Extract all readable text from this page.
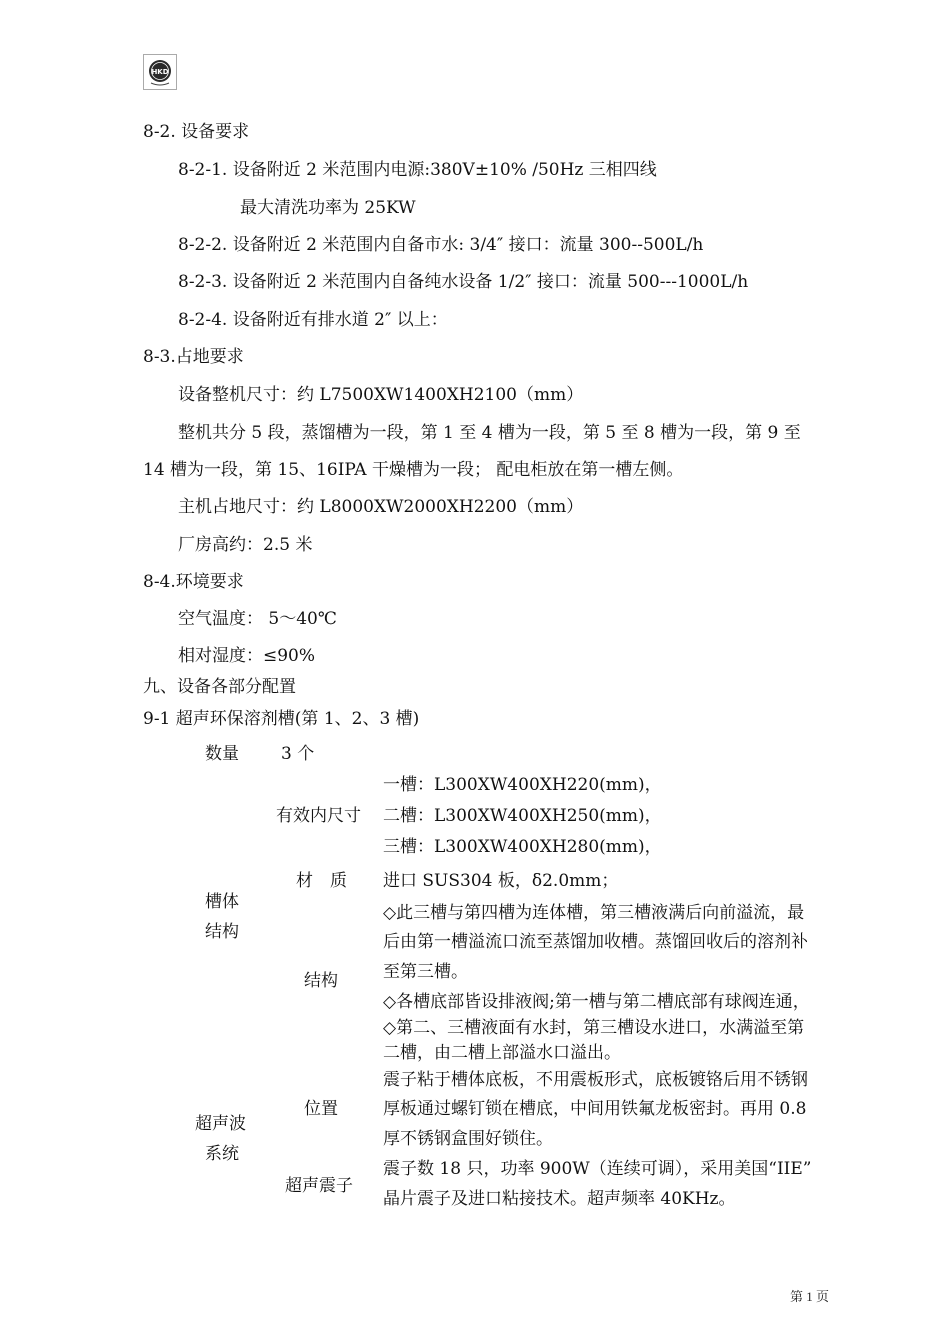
HKD
8-2. 设备要求
8-2-1. 设备附近 2 米范围内电源:380V±10% /50Hz 三相四线
最大清洗功率为 25KW
8-2-2. 设备附近 2 米范围内自备市水: 3/4″ 接口：流量 300--500L/h
8-2-3. 设备附近 2 米范围内自备纯水设备 1/2″ 接口：流量 500---1000L/h
8-2-4. 设备附近有排水道 2″ 以上：
8-3.占地要求
设备整机尺寸：约 L7500XW1400XH2100（mm）
整机共分 5 段，蒸馏槽为一段，第 1 至 4 槽为一段，第 5 至 8 槽为一段，第 9 至
14 槽为一段，第 15、16IPA 干燥槽为一段； 配电柜放在第一槽左侧。
主机占地尺寸：约 L8000XW2000XH2200（mm）
厂房高约：2.5 米
8-4.环境要求
空气温度： 5～40℃
相对湿度：≤90%
九、设备各部分配置
9-1 超声环保溶剂槽(第 1、2、3 槽)
数量 3 个
槽体
结构
有效内尺寸
一槽：L300XW400XH220(mm)，
二槽：L300XW400XH250(mm)，
三槽：L300XW400XH280(mm)，
材　质 进口 SUS304 板，δ2.0mm；
结构
◇此三槽与第四槽为连体槽，第三槽液满后向前溢流，最
后由第一槽溢流口流至蒸馏加收槽。蒸馏回收后的溶剂补
至第三槽。
◇各槽底部皆设排液阀;第一槽与第二槽底部有球阀连通，
◇第二、三槽液面有水封，第三槽设水进口，水满溢至第
二槽，由二槽上部溢水口溢出。
超声波
系统
位置
震子粘于槽体底板，不用震板形式，底板镀铬后用不锈钢
厚板通过螺钉锁在槽底，中间用铁氟龙板密封。再用 0.8
厚不锈钢盒围好锁住。
超声震子
震子数 18 只，功率 900W（连续可调），采用美国“IIE”
晶片震子及进口粘接技术。超声频率 40KHz。
第 1 页
